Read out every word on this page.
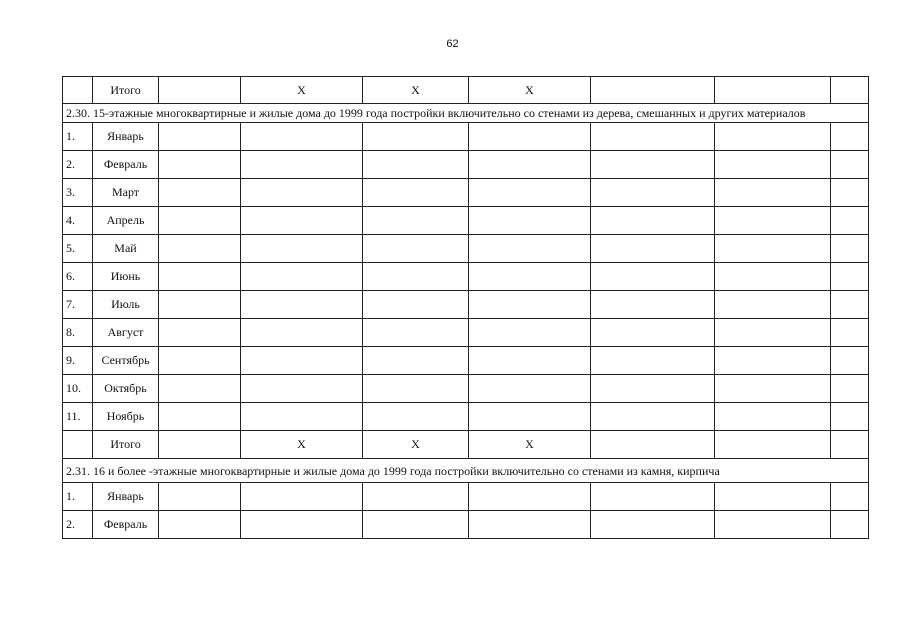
62
	Итого		X	X	X			
2.30. 15-этажные многоквартирные и жилые дома до 1999 года постройки включительно со стенами из дерева, смешанных и других материалов								
1.	Январь							
2.	Февраль							
3.	Март							
4.	Апрель							
5.	Май							
6.	Июнь							
7.	Июль							
8.	Август							
9.	Сентябрь							
10.	Октябрь							
11.	Ноябрь							
	Итого		X	X	X			
2.31. 16 и более -этажные многоквартирные и жилые дома до 1999 года постройки включительно со стенами из камня, кирпича								
1.	Январь							
2.	Февраль							
